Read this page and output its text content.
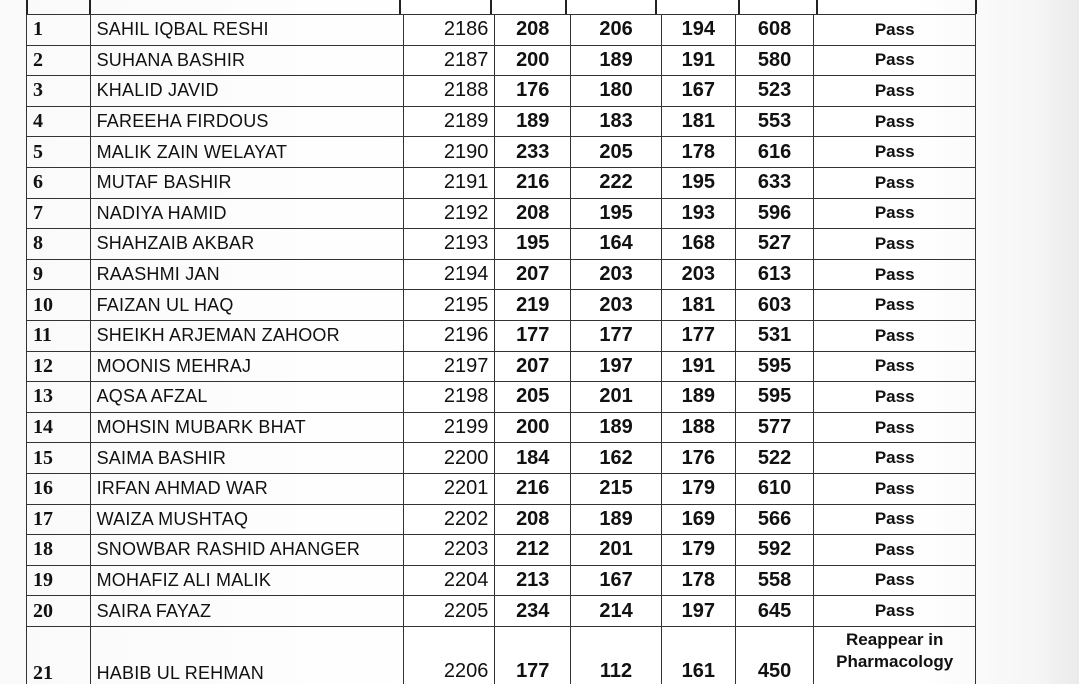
1	SAHIL IQBAL RESHI	2186	208	206	194	608	Pass
2	SUHANA BASHIR	2187	200	189	191	580	Pass
3	KHALID JAVID	2188	176	180	167	523	Pass
4	FAREEHA FIRDOUS	2189	189	183	181	553	Pass
5	MALIK ZAIN WELAYAT	2190	233	205	178	616	Pass
6	MUTAF BASHIR	2191	216	222	195	633	Pass
7	NADIYA HAMID	2192	208	195	193	596	Pass
8	SHAHZAIB AKBAR	2193	195	164	168	527	Pass
9	RAASHMI JAN	2194	207	203	203	613	Pass
10	FAIZAN UL HAQ	2195	219	203	181	603	Pass
11	SHEIKH ARJEMAN ZAHOOR	2196	177	177	177	531	Pass
12	MOONIS MEHRAJ	2197	207	197	191	595	Pass
13	AQSA AFZAL	2198	205	201	189	595	Pass
14	MOHSIN MUBARK BHAT	2199	200	189	188	577	Pass
15	SAIMA BASHIR	2200	184	162	176	522	Pass
16	IRFAN AHMAD WAR	2201	216	215	179	610	Pass
17	WAIZA MUSHTAQ	2202	208	189	169	566	Pass
18	SNOWBAR RASHID AHANGER	2203	212	201	179	592	Pass
19	MOHAFIZ ALI MALIK	2204	213	167	178	558	Pass
20	SAIRA FAYAZ	2205	234	214	197	645	Pass
21	HABIB UL REHMAN	2206	177	112	161	450	Reappear in Pharmacology
